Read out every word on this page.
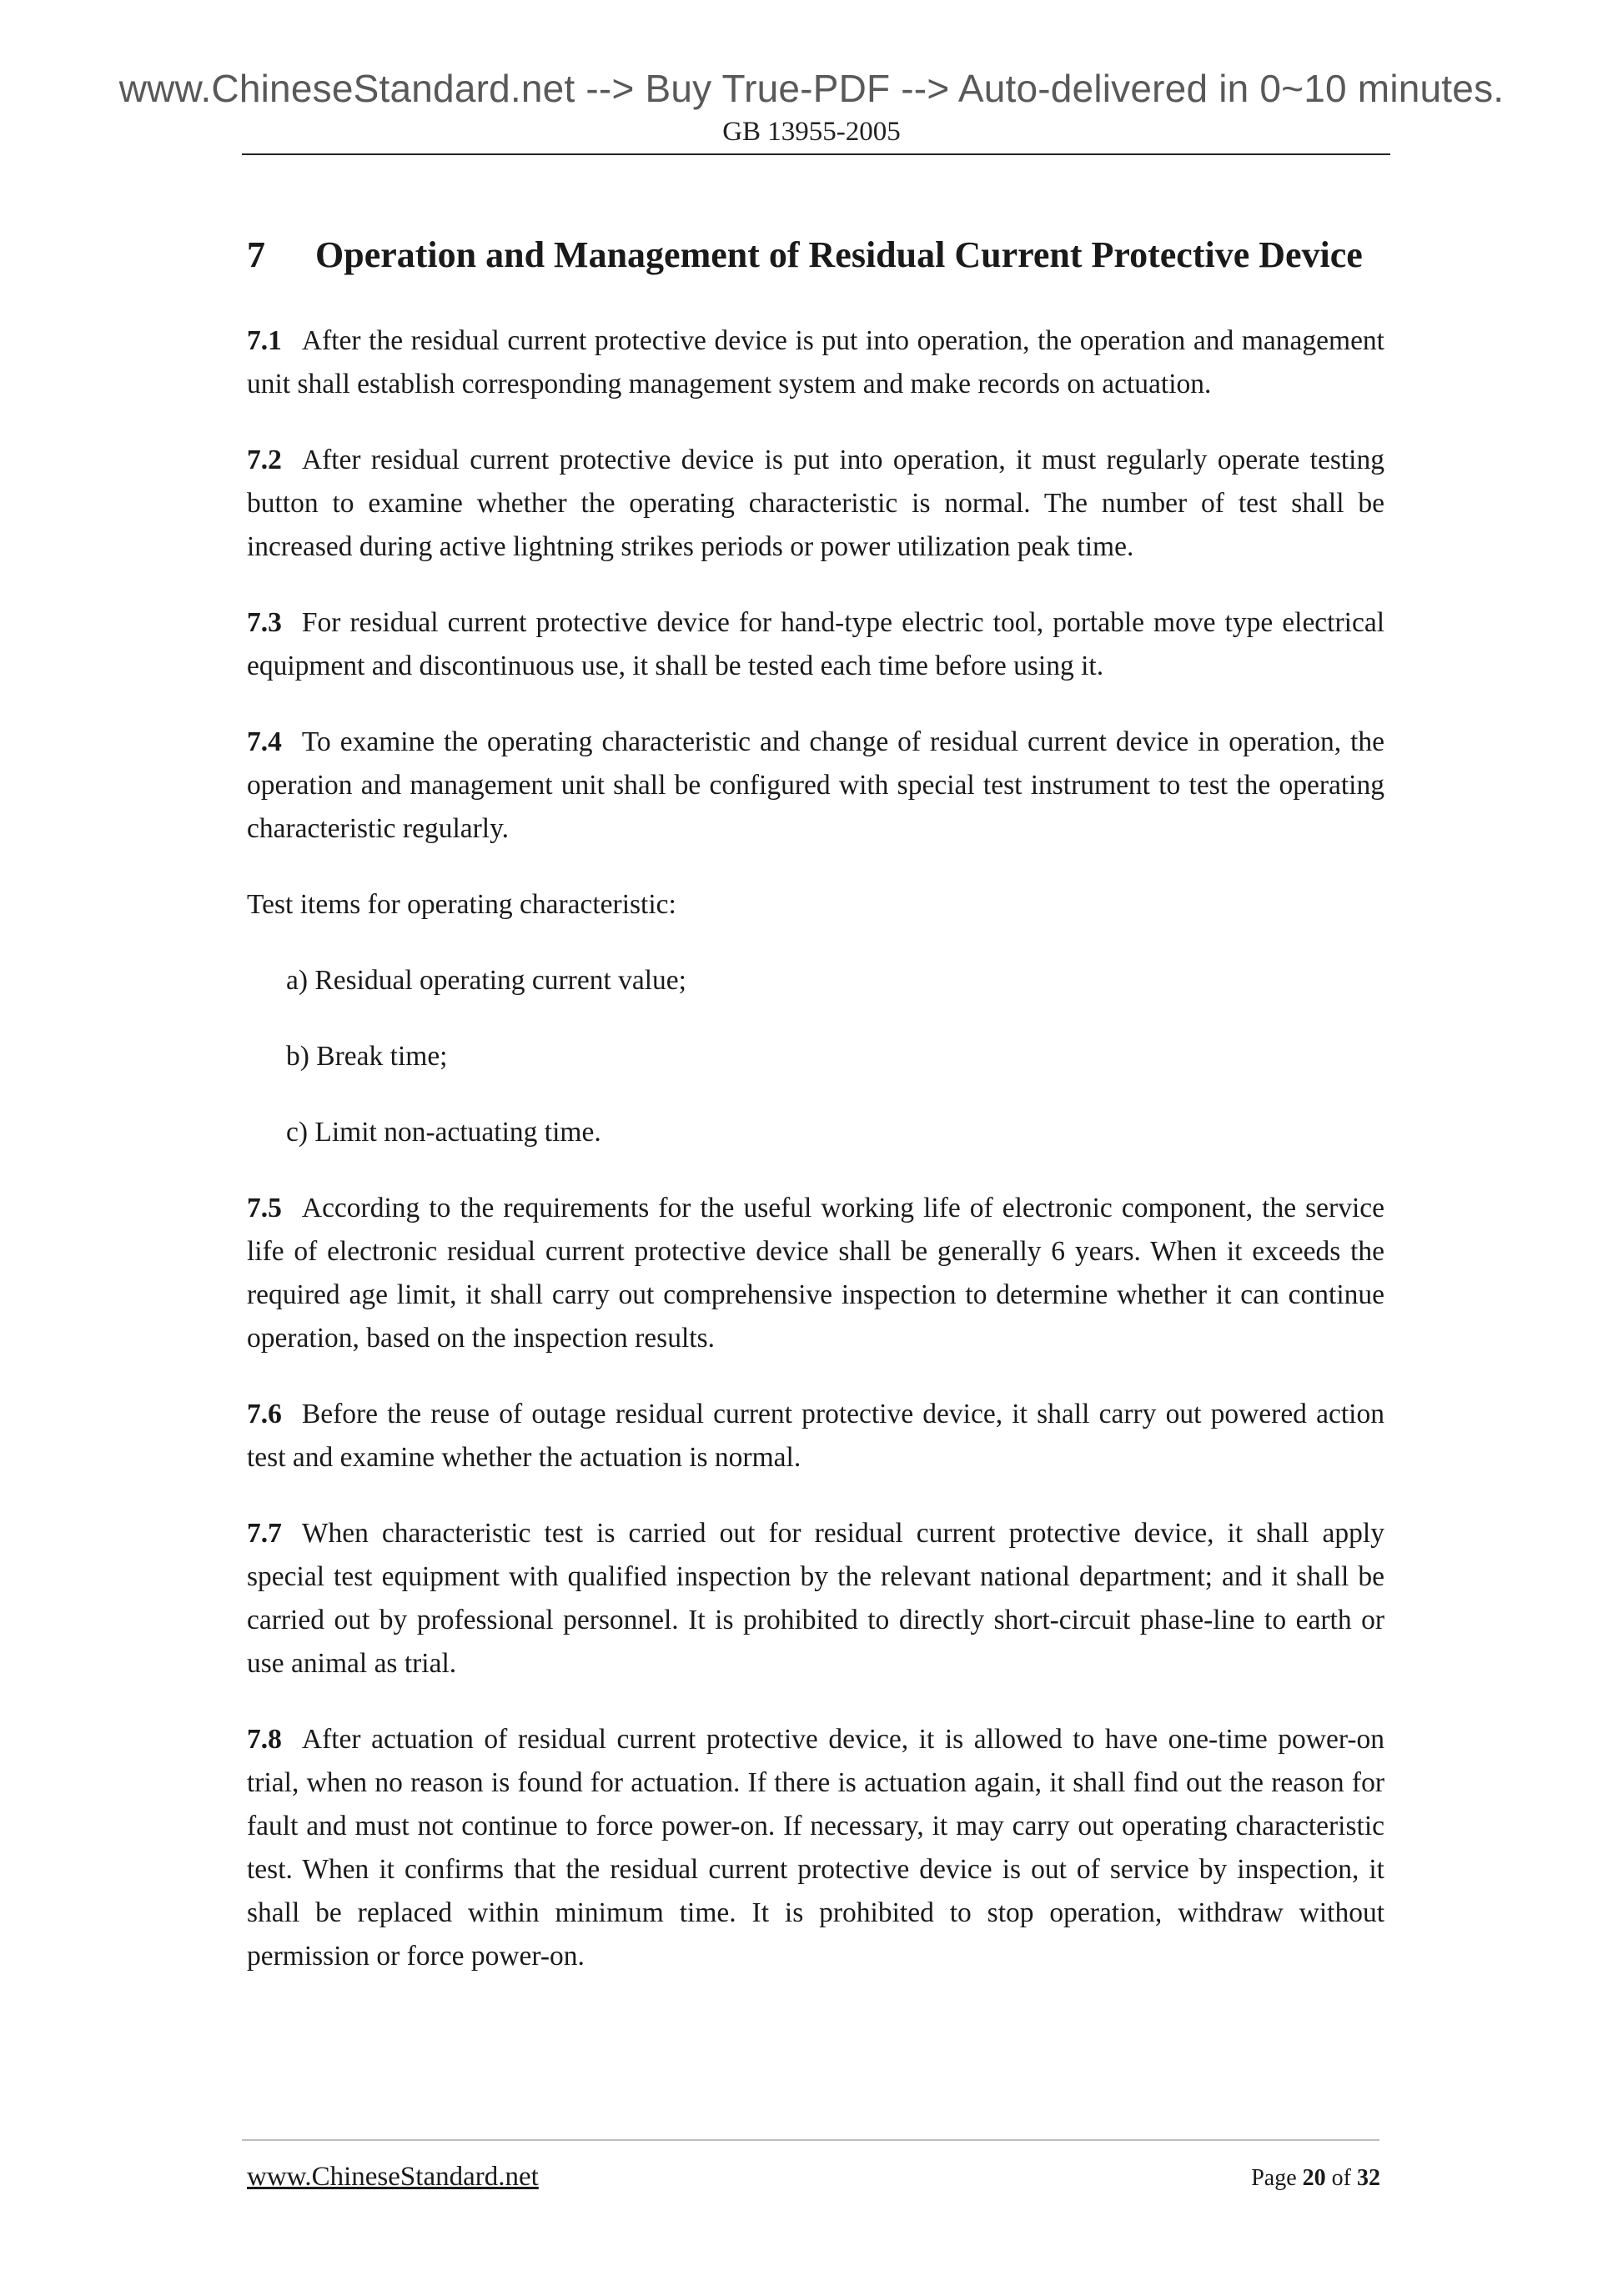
www.ChineseStandard.net --> Buy True-PDF --> Auto-delivered in 0~10 minutes.
GB 13955-2005
7 Operation and Management of Residual Current Protective Device

7.1 After the residual current protective device is put into operation, the operation and management unit shall establish corresponding management system and make records on actuation.

7.2 After residual current protective device is put into operation, it must regularly operate testing button to examine whether the operating characteristic is normal. The number of test shall be increased during active lightning strikes periods or power utilization peak time.

7.3 For residual current protective device for hand-type electric tool, portable move type electrical equipment and discontinuous use, it shall be tested each time before using it.

7.4 To examine the operating characteristic and change of residual current device in operation, the operation and management unit shall be configured with special test instrument to test the operating characteristic regularly.

Test items for operating characteristic:

a) Residual operating current value;

b) Break time;

c) Limit non-actuating time.

7.5 According to the requirements for the useful working life of electronic component, the service life of electronic residual current protective device shall be generally 6 years. When it exceeds the required age limit, it shall carry out comprehensive inspection to determine whether it can continue operation, based on the inspection results.

7.6 Before the reuse of outage residual current protective device, it shall carry out powered action test and examine whether the actuation is normal.

7.7 When characteristic test is carried out for residual current protective device, it shall apply special test equipment with qualified inspection by the relevant national department; and it shall be carried out by professional personnel. It is prohibited to directly short-circuit phase-line to earth or use animal as trial.

7.8 After actuation of residual current protective device, it is allowed to have one-time power-on trial, when no reason is found for actuation. If there is actuation again, it shall find out the reason for fault and must not continue to force power-on. If necessary, it may carry out operating characteristic test. When it confirms that the residual current protective device is out of service by inspection, it shall be replaced within minimum time. It is prohibited to stop operation, withdraw without permission or force power-on.

www.ChineseStandard.net	Page 20 of 32
